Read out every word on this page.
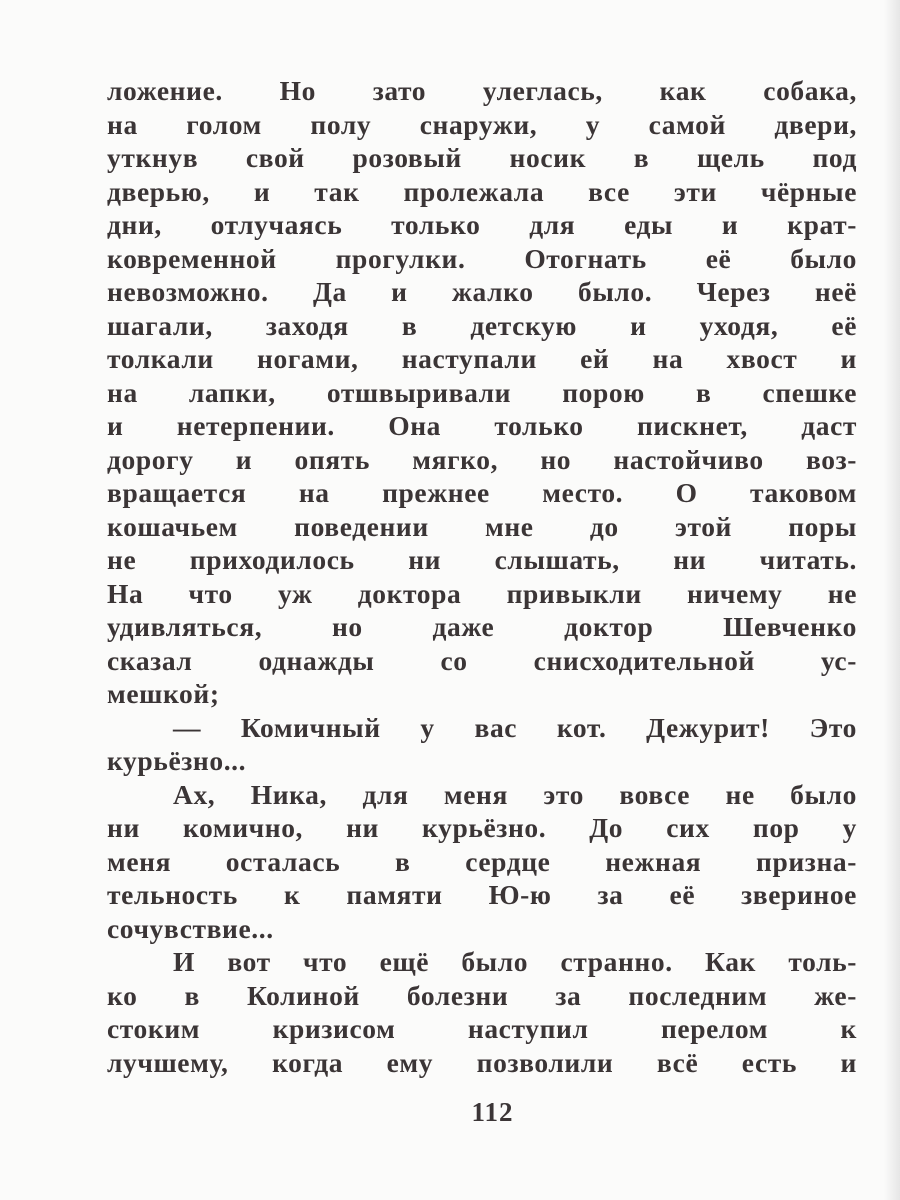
ложение. Но зато улеглась, как собака,
на голом полу снаружи, у самой двери,
уткнув свой розовый носик в щель под
дверью, и так пролежала все эти чёрные
дни, отлучаясь только для еды и крат-
ковременной прогулки. Отогнать её было
невозможно. Да и жалко было. Через неё
шагали, заходя в детскую и уходя, её
толкали ногами, наступали ей на хвост и
на лапки, отшвыривали порою в спешке
и нетерпении. Она только пискнет, даст
дорогу и опять мягко, но настойчиво воз-
вращается на прежнее место. О таковом
кошачьем поведении мне до этой поры
не приходилось ни слышать, ни читать.
На что уж доктора привыкли ничему не
удивляться, но даже доктор Шевченко
сказал однажды со снисходительной ус-
мешкой;
— Комичный у вас кот. Дежурит! Это
курьёзно...
Ах, Ника, для меня это вовсе не было
ни комично, ни курьёзно. До сих пор у
меня осталась в сердце нежная призна-
тельность к памяти Ю-ю за её звериное
сочувствие...
И вот что ещё было странно. Как толь-
ко в Колиной болезни за последним же-
стоким кризисом наступил перелом к
лучшему, когда ему позволили всё есть и
112
